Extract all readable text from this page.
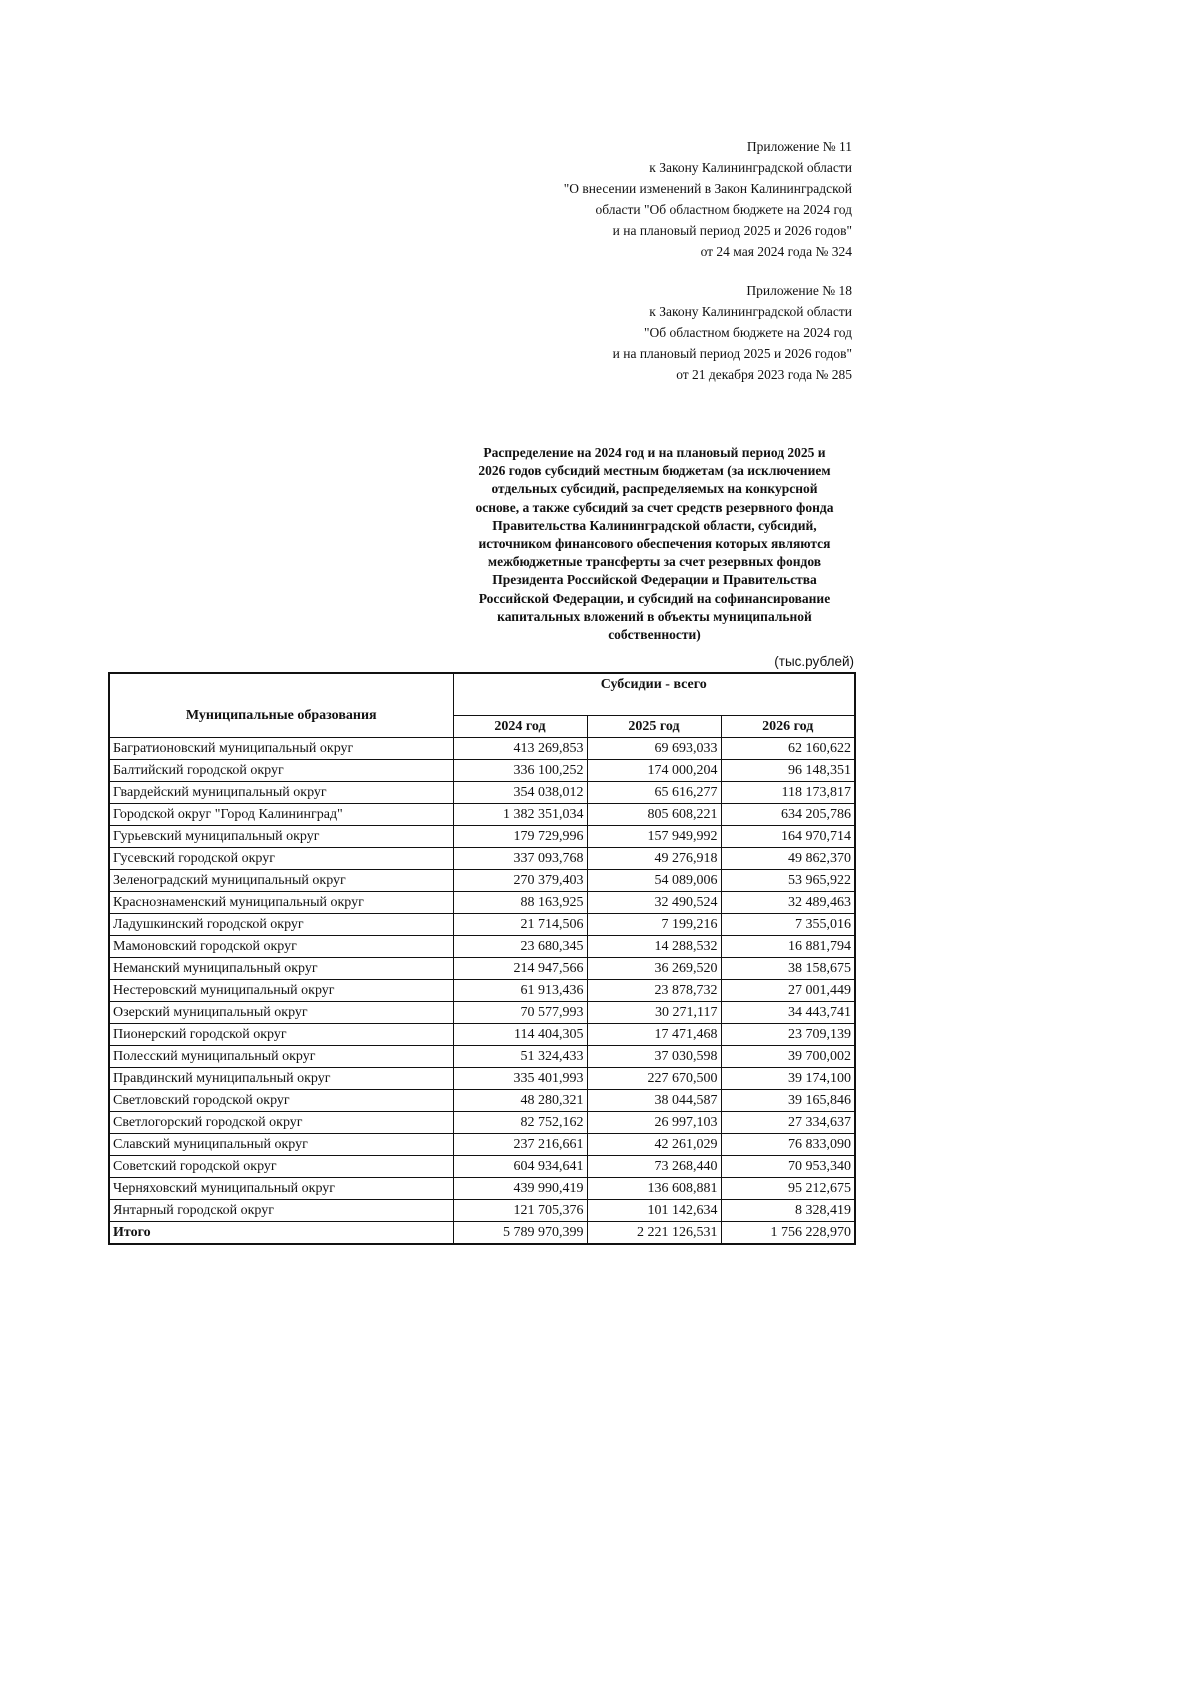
Приложение № 11
к Закону Калининградской области
"О внесении изменений в Закон Калининградской
области "Об областном бюджете на 2024 год
и на плановый период 2025 и 2026 годов"
от 24 мая 2024 года № 324
Приложение № 18
к Закону Калининградской области
"Об областном бюджете на 2024 год
и на плановый период 2025 и 2026 годов"
от 21 декабря 2023 года № 285
Распределение на 2024 год и на плановый период 2025 и
2026 годов субсидий местным бюджетам (за исключением
отдельных субсидий, распределяемых на конкурсной
основе, а также субсидий за счет средств резервного фонда
Правительства Калининградской области, субсидий,
источником финансового обеспечения которых являются
межбюджетные трансферты за счет резервных фондов
Президента Российской Федерации и Правительства
Российской Федерации, и субсидий на софинансирование
капитальных вложений в объекты муниципальной
собственности)
(тыс.рублей)
Муниципальные образования	Субсидии - всего		
	2024 год	2025 год	2026 год
Багратионовский муниципальный округ	413 269,853	69 693,033	62 160,622
Балтийский городской округ	336 100,252	174 000,204	96 148,351
Гвардейский муниципальный округ	354 038,012	65 616,277	118 173,817
Городской округ "Город Калининград"	1 382 351,034	805 608,221	634 205,786
Гурьевский муниципальный округ	179 729,996	157 949,992	164 970,714
Гусевский городской округ	337 093,768	49 276,918	49 862,370
Зеленоградский муниципальный округ	270 379,403	54 089,006	53 965,922
Краснознаменский муниципальный округ	88 163,925	32 490,524	32 489,463
Ладушкинский городской округ	21 714,506	7 199,216	7 355,016
Мамоновский городской округ	23 680,345	14 288,532	16 881,794
Неманский муниципальный округ	214 947,566	36 269,520	38 158,675
Нестеровский муниципальный округ	61 913,436	23 878,732	27 001,449
Озерский муниципальный округ	70 577,993	30 271,117	34 443,741
Пионерский городской округ	114 404,305	17 471,468	23 709,139
Полесский муниципальный округ	51 324,433	37 030,598	39 700,002
Правдинский муниципальный округ	335 401,993	227 670,500	39 174,100
Светловский городской округ	48 280,321	38 044,587	39 165,846
Светлогорский городской округ	82 752,162	26 997,103	27 334,637
Славский муниципальный округ	237 216,661	42 261,029	76 833,090
Советский городской округ	604 934,641	73 268,440	70 953,340
Черняховский муниципальный округ	439 990,419	136 608,881	95 212,675
Янтарный городской округ	121 705,376	101 142,634	8 328,419
Итого	5 789 970,399	2 221 126,531	1 756 228,970
